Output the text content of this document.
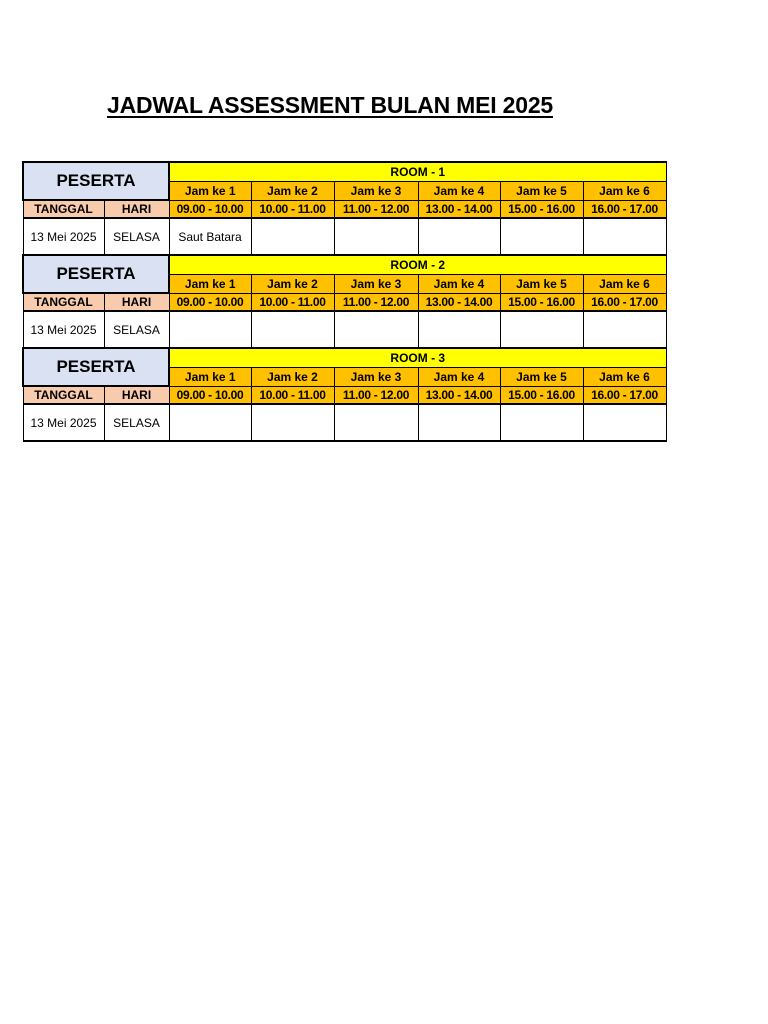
JADWAL ASSESSMENT BULAN MEI 2025
PESERTA		ROOM - 1					
		Jam ke 1	Jam ke 2	Jam ke 3	Jam ke 4	Jam ke 5	Jam ke 6
TANGGAL	HARI	09.00 - 10.00	10.00 - 11.00	11.00 - 12.00	13.00 - 14.00	15.00 - 16.00	16.00 - 17.00
13 Mei 2025	SELASA	Saut Batara					
PESERTA		ROOM - 2					
		Jam ke 1	Jam ke 2	Jam ke 3	Jam ke 4	Jam ke 5	Jam ke 6
TANGGAL	HARI	09.00 - 10.00	10.00 - 11.00	11.00 - 12.00	13.00 - 14.00	15.00 - 16.00	16.00 - 17.00
13 Mei 2025	SELASA						
PESERTA		ROOM - 3					
		Jam ke 1	Jam ke 2	Jam ke 3	Jam ke 4	Jam ke 5	Jam ke 6
TANGGAL	HARI	09.00 - 10.00	10.00 - 11.00	11.00 - 12.00	13.00 - 14.00	15.00 - 16.00	16.00 - 17.00
13 Mei 2025	SELASA						
